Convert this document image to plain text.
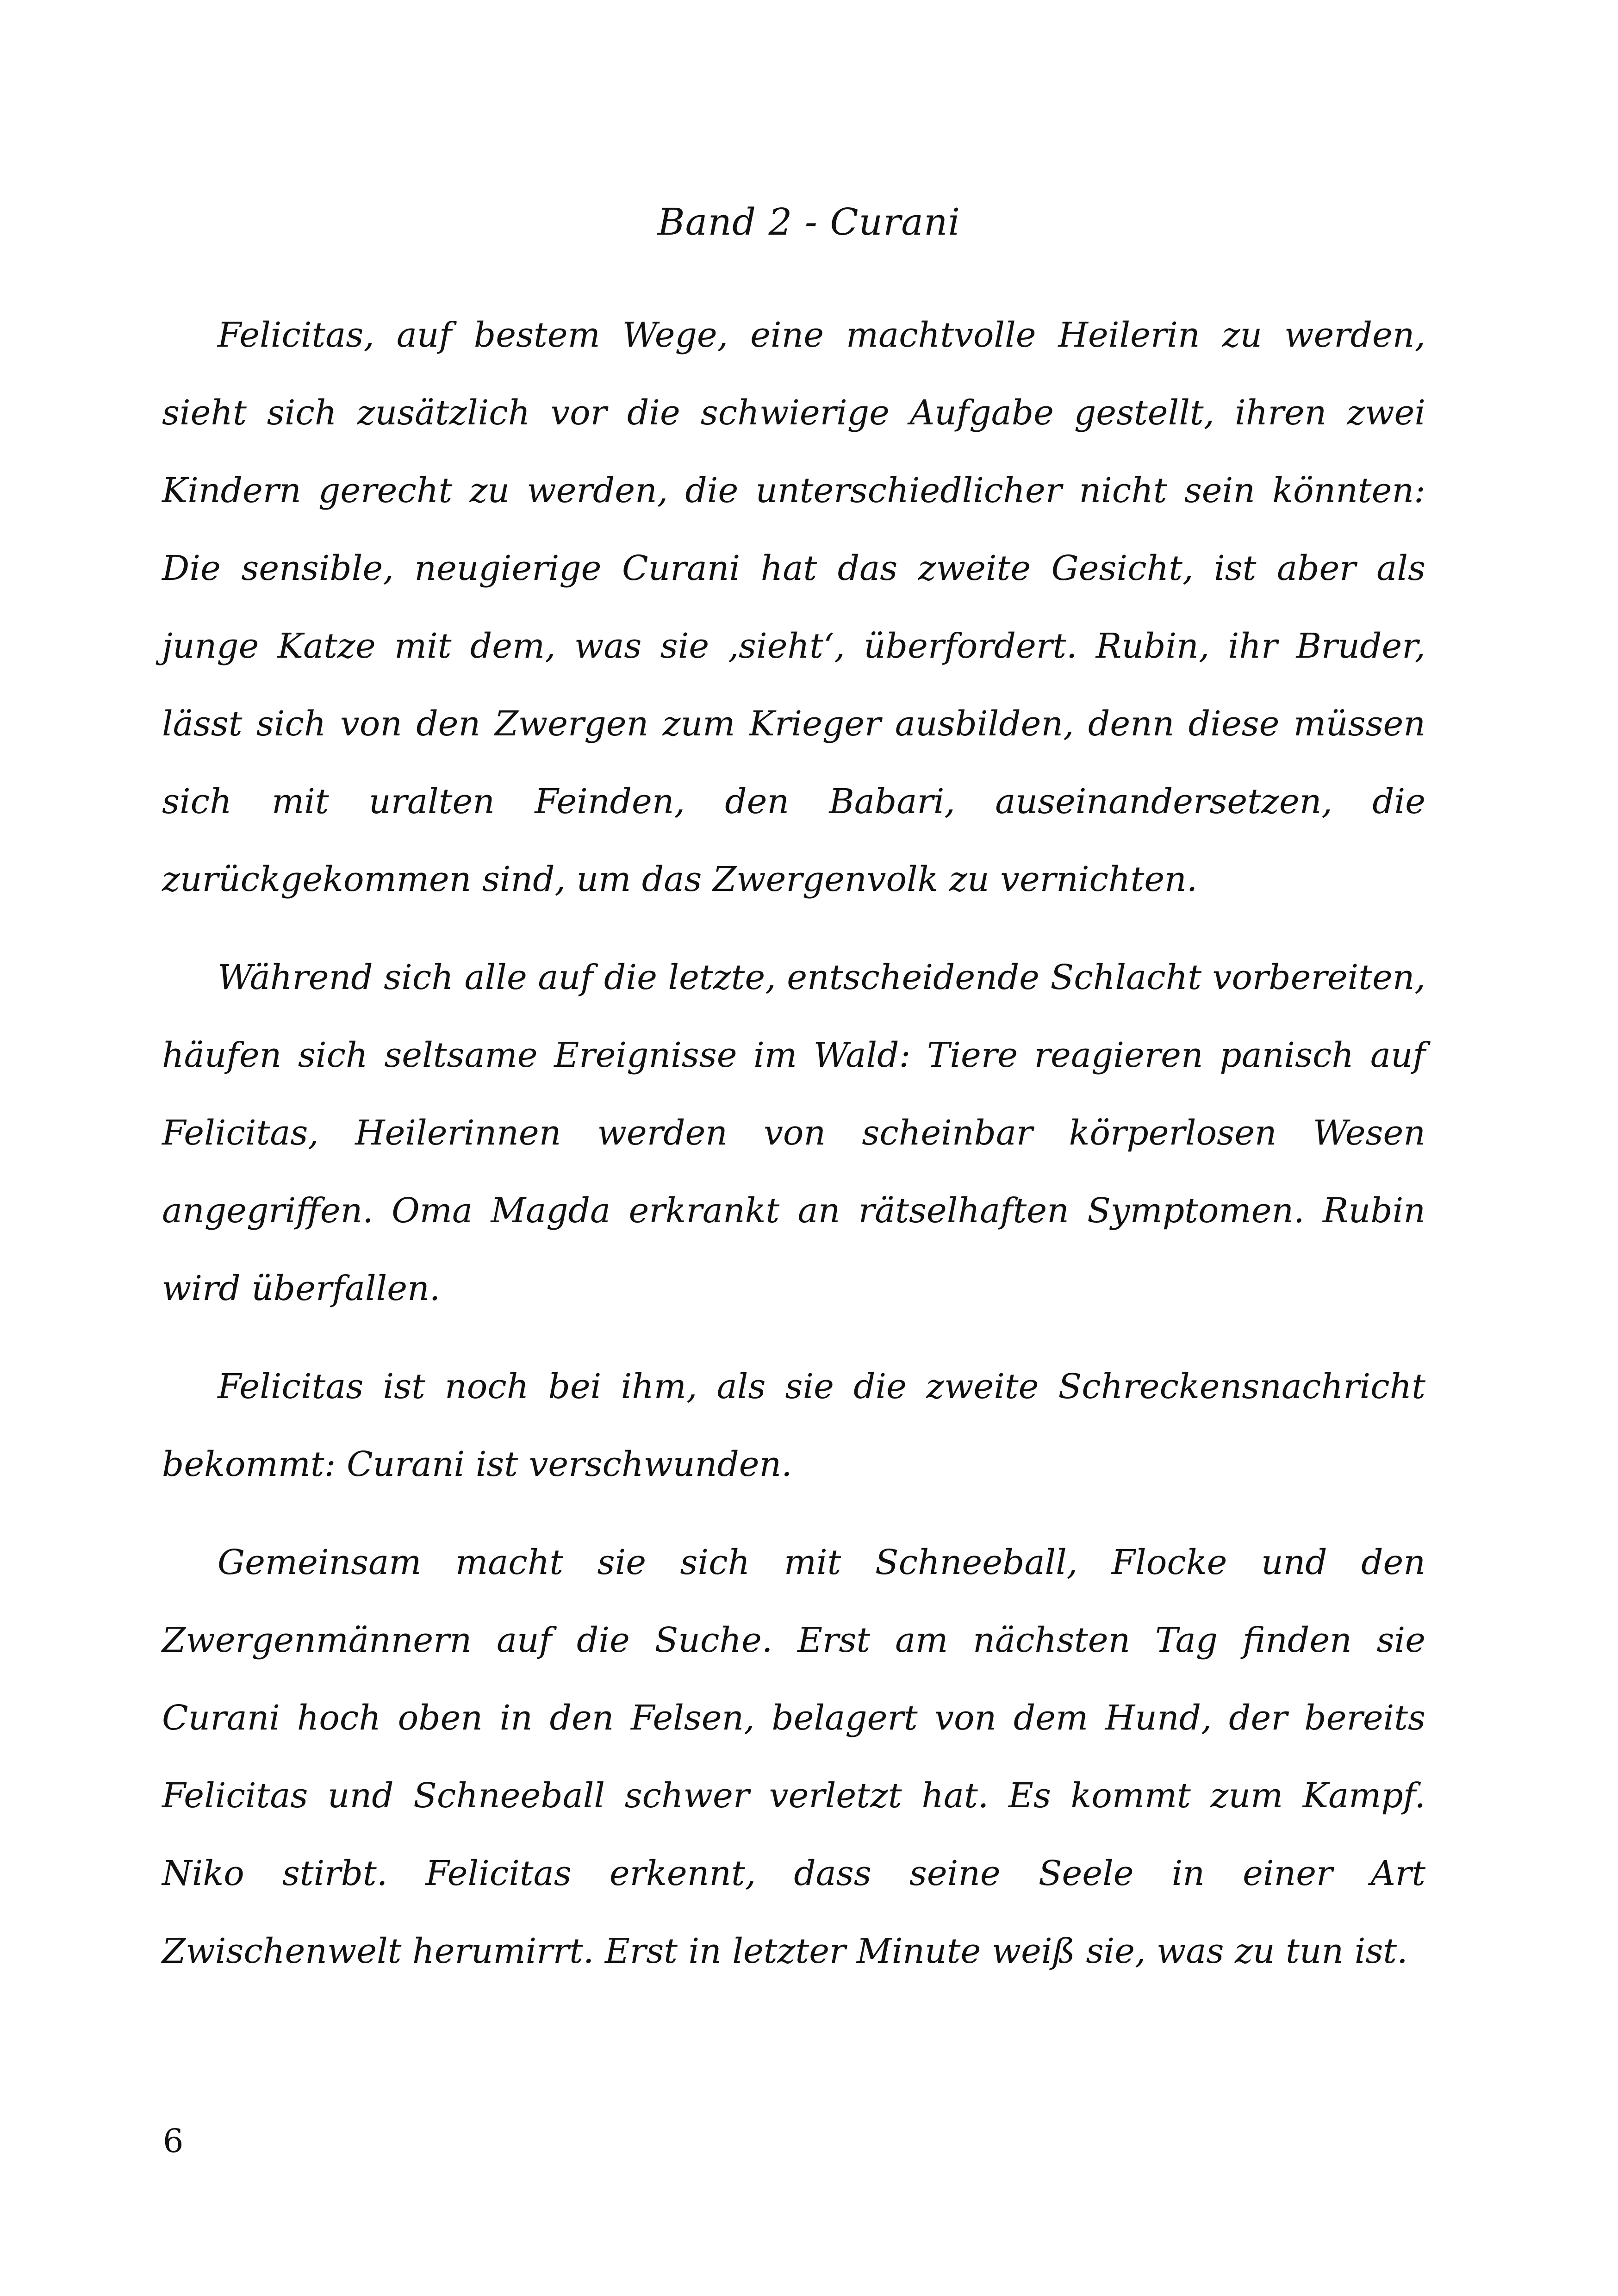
Band 2 - Curani

Felicitas, auf bestem Wege, eine machtvolle Heilerin zu werden, sieht sich zusätzlich vor die schwierige Aufgabe gestellt, ihren zwei Kindern gerecht zu werden, die unterschiedlicher nicht sein könnten: Die sensible, neugierige Curani hat das zweite Gesicht, ist aber als junge Katze mit dem, was sie ‚sieht‘, überfordert. Rubin, ihr Bruder, lässt sich von den Zwergen zum Krieger ausbilden, denn diese müssen sich mit uralten Feinden, den Babari, auseinandersetzen, die zurückgekommen sind, um das Zwergenvolk zu vernichten.

Während sich alle auf die letzte, entscheidende Schlacht vorbereiten, häufen sich seltsame Ereignisse im Wald: Tiere reagieren panisch auf Felicitas, Heilerinnen werden von scheinbar körperlosen Wesen angegriffen. Oma Magda erkrankt an rätselhaften Symptomen. Rubin wird überfallen.

Felicitas ist noch bei ihm, als sie die zweite Schreckensnachricht bekommt: Curani ist verschwunden.

Gemeinsam macht sie sich mit Schneeball, Flocke und den Zwergenmännern auf die Suche. Erst am nächsten Tag finden sie Curani hoch oben in den Felsen, belagert von dem Hund, der bereits Felicitas und Schneeball schwer verletzt hat. Es kommt zum Kampf. Niko stirbt. Felicitas erkennt, dass seine Seele in einer Art Zwischenwelt herumirrt. Erst in letzter Minute weiß sie, was zu tun ist.

6
